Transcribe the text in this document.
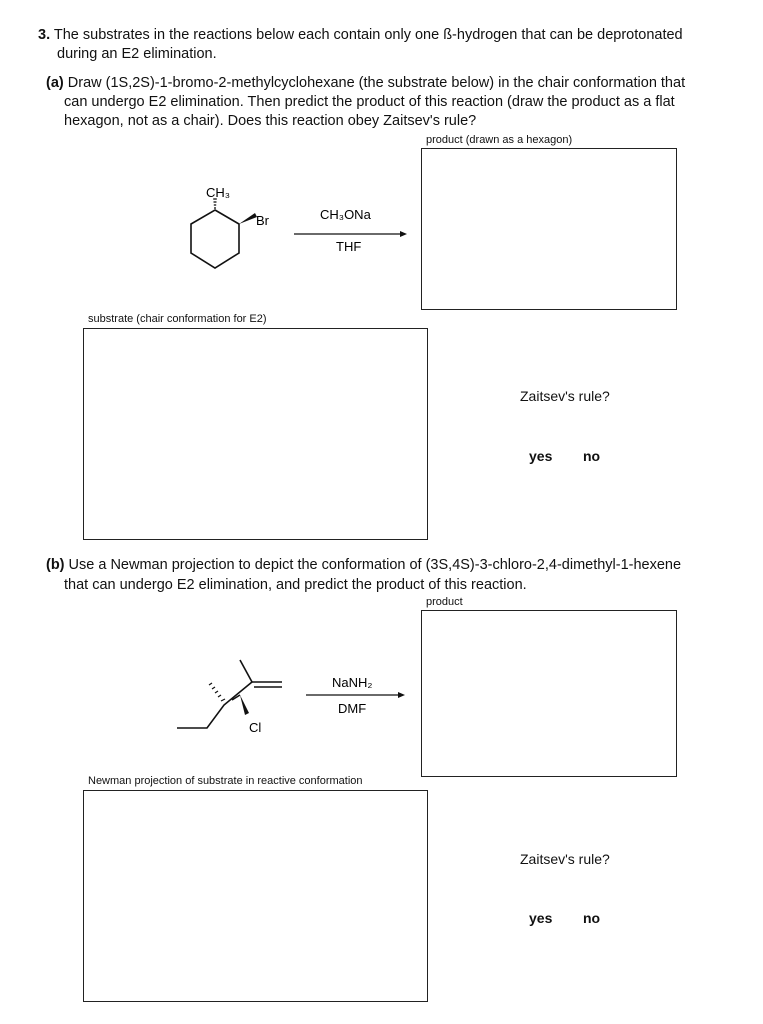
3. The substrates in the reactions below each contain only one ß-hydrogen that can be deprotonated
during an E2 elimination.
(a) Draw (1S,2S)-1-bromo-2-methylcyclohexane (the substrate below) in the chair conformation that
can undergo E2 elimination. Then predict the product of this reaction (draw the product as a flat
hexagon, not as a chair). Does this reaction obey Zaitsev's rule?
product (drawn as a hexagon)
CH₃
Br	CH₃ONa
THF
substrate (chair conformation for E2)
Zaitsev's rule?
yes no
(b) Use a Newman projection to depict the conformation of (3S,4S)-3-chloro-2,4-dimethyl-1-hexene
that can undergo E2 elimination, and predict the product of this reaction.
product
Cl
NaNH₂
DMF
Newman projection of substrate in reactive conformation
Zaitsev's rule?
yes no
